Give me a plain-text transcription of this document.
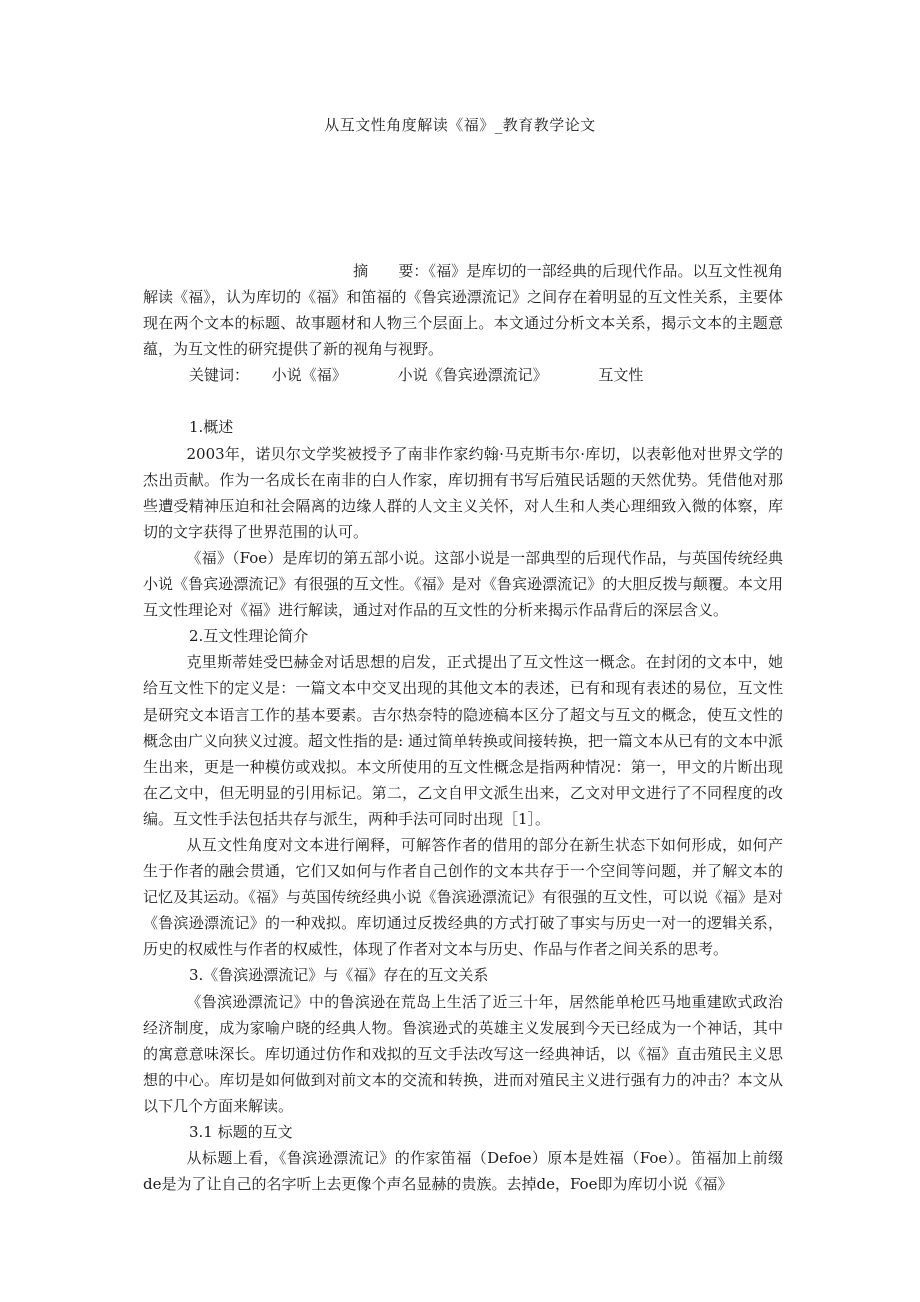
从互文性角度解读《福》_教育教学论文

摘　　要：《福》是库切的一部经典的后现代作品。以互文性视角解读《福》，认为库切的《福》和笛福的《鲁宾逊漂流记》之间存在着明显的互文性关系，主要体现在两个文本的标题、故事题材和人物三个层面上。本文通过分析文本关系，揭示文本的主题意蕴，为互文性的研究提供了新的视角与视野。

关键词： 小说《福》	小说《鲁宾逊漂流记》	互文性

1.概述

2003年，诺贝尔文学奖被授予了南非作家约翰·马克斯韦尔·库切，以表彰他对世界文学的杰出贡献。作为一名成长在南非的白人作家，库切拥有书写后殖民话题的天然优势。凭借他对那些遭受精神压迫和社会隔离的边缘人群的人文主义关怀，对人生和人类心理细致入微的体察，库切的文字获得了世界范围的认可。

《福》（Foe）是库切的第五部小说。这部小说是一部典型的后现代作品，与英国传统经典小说《鲁宾逊漂流记》有很强的互文性。《福》是对《鲁宾逊漂流记》的大胆反拨与颠覆。本文用互文性理论对《福》进行解读，通过对作品的互文性的分析来揭示作品背后的深层含义。

2.互文性理论简介

克里斯蒂娃受巴赫金对话思想的启发，正式提出了互文性这一概念。在封闭的文本中，她给互文性下的定义是：一篇文本中交叉出现的其他文本的表述，已有和现有表述的易位，互文性是研究文本语言工作的基本要素。吉尔热奈特的隐迹稿本区分了超文与互文的概念，使互文性的概念由广义向狭义过渡。超文性指的是: 通过简单转换或间接转换，把一篇文本从已有的文本中派生出来，更是一种模仿或戏拟。本文所使用的互文性概念是指两种情况：第一，甲文的片断出现在乙文中，但无明显的引用标记。第二，乙文自甲文派生出来，乙文对甲文进行了不同程度的改编。互文性手法包括共存与派生，两种手法可同时出现［1］。

从互文性角度对文本进行阐释，可解答作者的借用的部分在新生状态下如何形成，如何产生于作者的融会贯通，它们又如何与作者自己创作的文本共存于一个空间等问题，并了解文本的记忆及其运动。《福》与英国传统经典小说《鲁滨逊漂流记》有很强的互文性，可以说《福》是对《鲁滨逊漂流记》的一种戏拟。库切通过反拨经典的方式打破了事实与历史一对一的逻辑关系，历史的权威性与作者的权威性，体现了作者对文本与历史、作品与作者之间关系的思考。

3.《鲁滨逊漂流记》与《福》存在的互文关系

《鲁滨逊漂流记》中的鲁滨逊在荒岛上生活了近三十年，居然能单枪匹马地重建欧式政治经济制度，成为家喻户晓的经典人物。鲁滨逊式的英雄主义发展到今天已经成为一个神话，其中的寓意意味深长。库切通过仿作和戏拟的互文手法改写这一经典神话，以《福》直击殖民主义思想的中心。库切是如何做到对前文本的交流和转换，进而对殖民主义进行强有力的冲击？本文从以下几个方面来解读。

3.1 标题的互文

从标题上看，《鲁滨逊漂流记》的作家笛福（Defoe）原本是姓福（Foe）。笛福加上前缀de是为了让自己的名字听上去更像个声名显赫的贵族。去掉de，Foe即为库切小说《福》
